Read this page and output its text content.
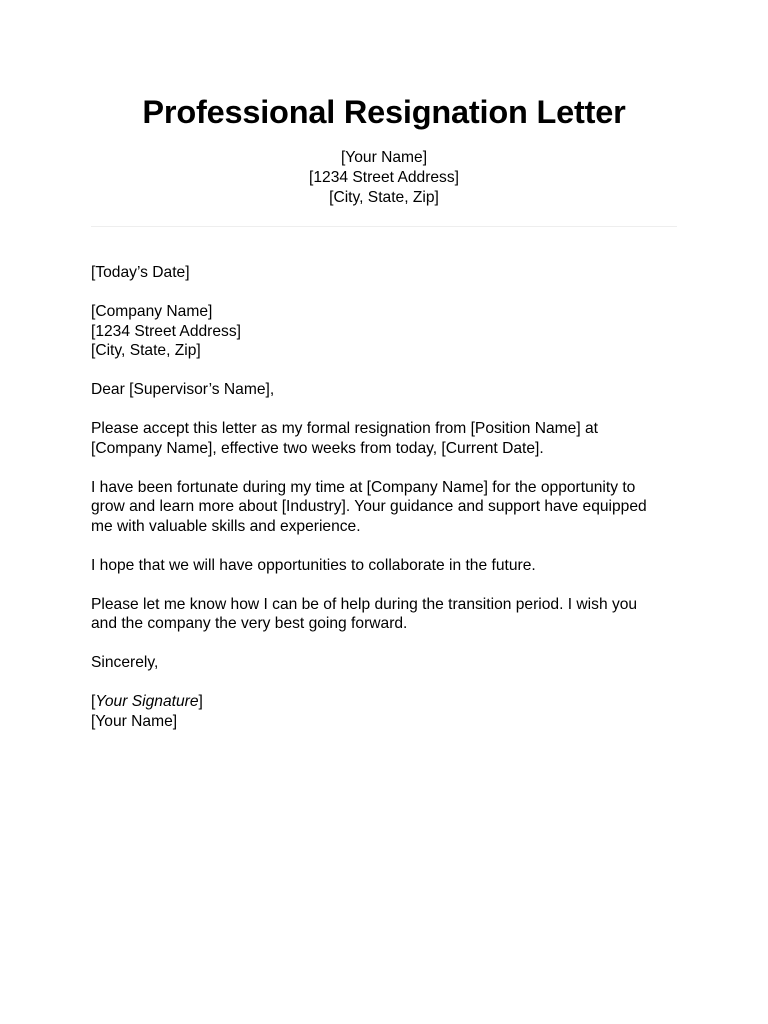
Professional Resignation Letter
[Your Name]
[1234 Street Address]
[City, State, Zip]
[Today’s Date]
[Company Name]
[1234 Street Address]
[City, State, Zip]
Dear [Supervisor’s Name],
Please accept this letter as my formal resignation from [Position Name] at
[Company Name], effective two weeks from today, [Current Date].
I have been fortunate during my time at [Company Name] for the opportunity to
grow and learn more about [Industry]. Your guidance and support have equipped
me with valuable skills and experience.
I hope that we will have opportunities to collaborate in the future.
Please let me know how I can be of help during the transition period. I wish you
and the company the very best going forward.
Sincerely,
[Your Signature]
[Your Name]
